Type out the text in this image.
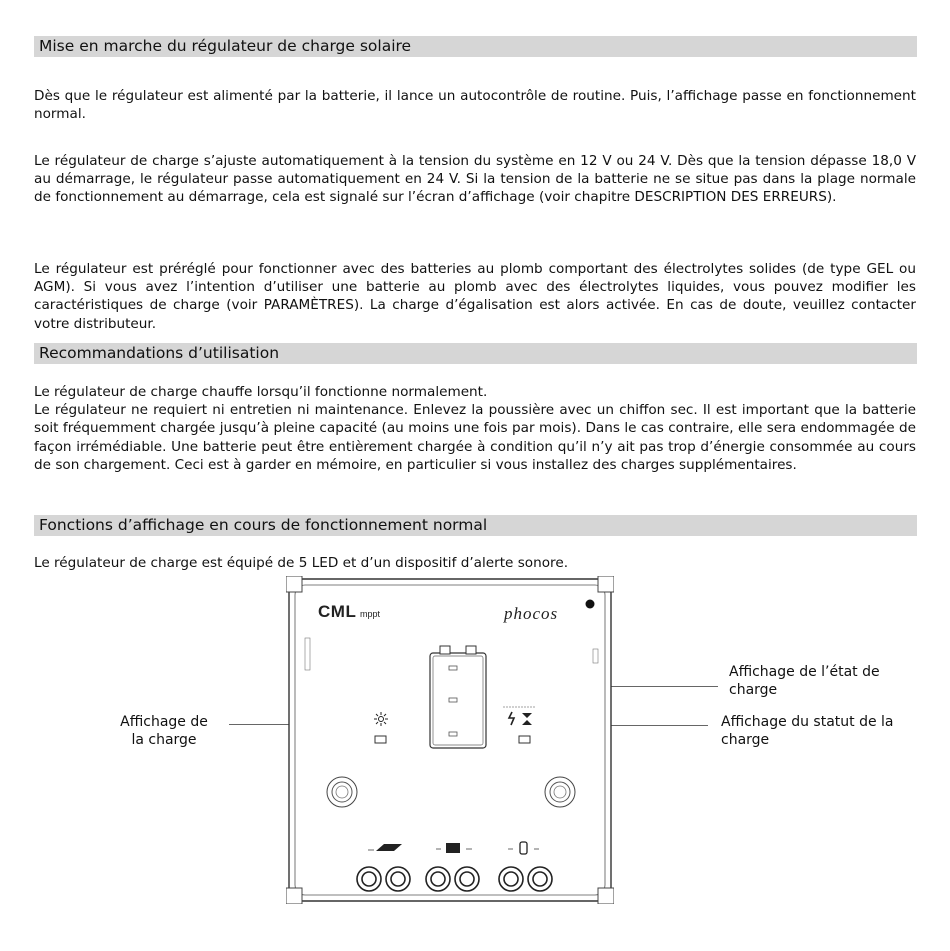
Mise en marche du régulateur de charge solaire

Dès que le régulateur est alimenté par la batterie, il lance un autocontrôle de routine. Puis, l’affichage passe en fonctionnement normal.

Le régulateur de charge s’ajuste automatiquement à la tension du système en 12 V ou 24 V. Dès que la tension dépasse 18,0 V au démarrage, le régulateur passe automatiquement en 24 V. Si la tension de la batterie ne se situe pas dans la plage normale de fonctionnement au démarrage, cela est signalé sur l’écran d’affichage (voir chapitre DESCRIPTION DES ERREURS).

Le régulateur est préréglé pour fonctionner avec des batteries au plomb comportant des électrolytes solides (de type GEL ou AGM). Si vous avez l’intention d’utiliser une batterie au plomb avec des électrolytes liquides, vous pouvez modifier les caractéristiques de charge (voir PARAMÈTRES). La charge d’égalisation est alors activée. En cas de doute, veuillez contacter votre distributeur.

Recommandations d’utilisation

Le régulateur de charge chauffe lorsqu’il fonctionne normalement.

Le régulateur ne requiert ni entretien ni maintenance. Enlevez la poussière avec un chiffon sec. Il est important que la batterie soit fréquemment chargée jusqu’à pleine capacité (au moins une fois par mois). Dans le cas contraire, elle sera endommagée de façon irrémédiable. Une batterie peut être entièrement chargée à condition qu’il n’y ait pas trop d’énergie consommée au cours de son chargement. Ceci est à garder en mémoire, en particulier si vous installez des charges supplémentaires.

Fonctions d’affichage en cours de fonctionnement normal

Le régulateur de charge est équipé de 5 LED et d’un dispositif d’alerte sonore.

Affichage de la charge
Affichage de l’état de charge
Affichage du statut de la charge
CML mppt	phocos
